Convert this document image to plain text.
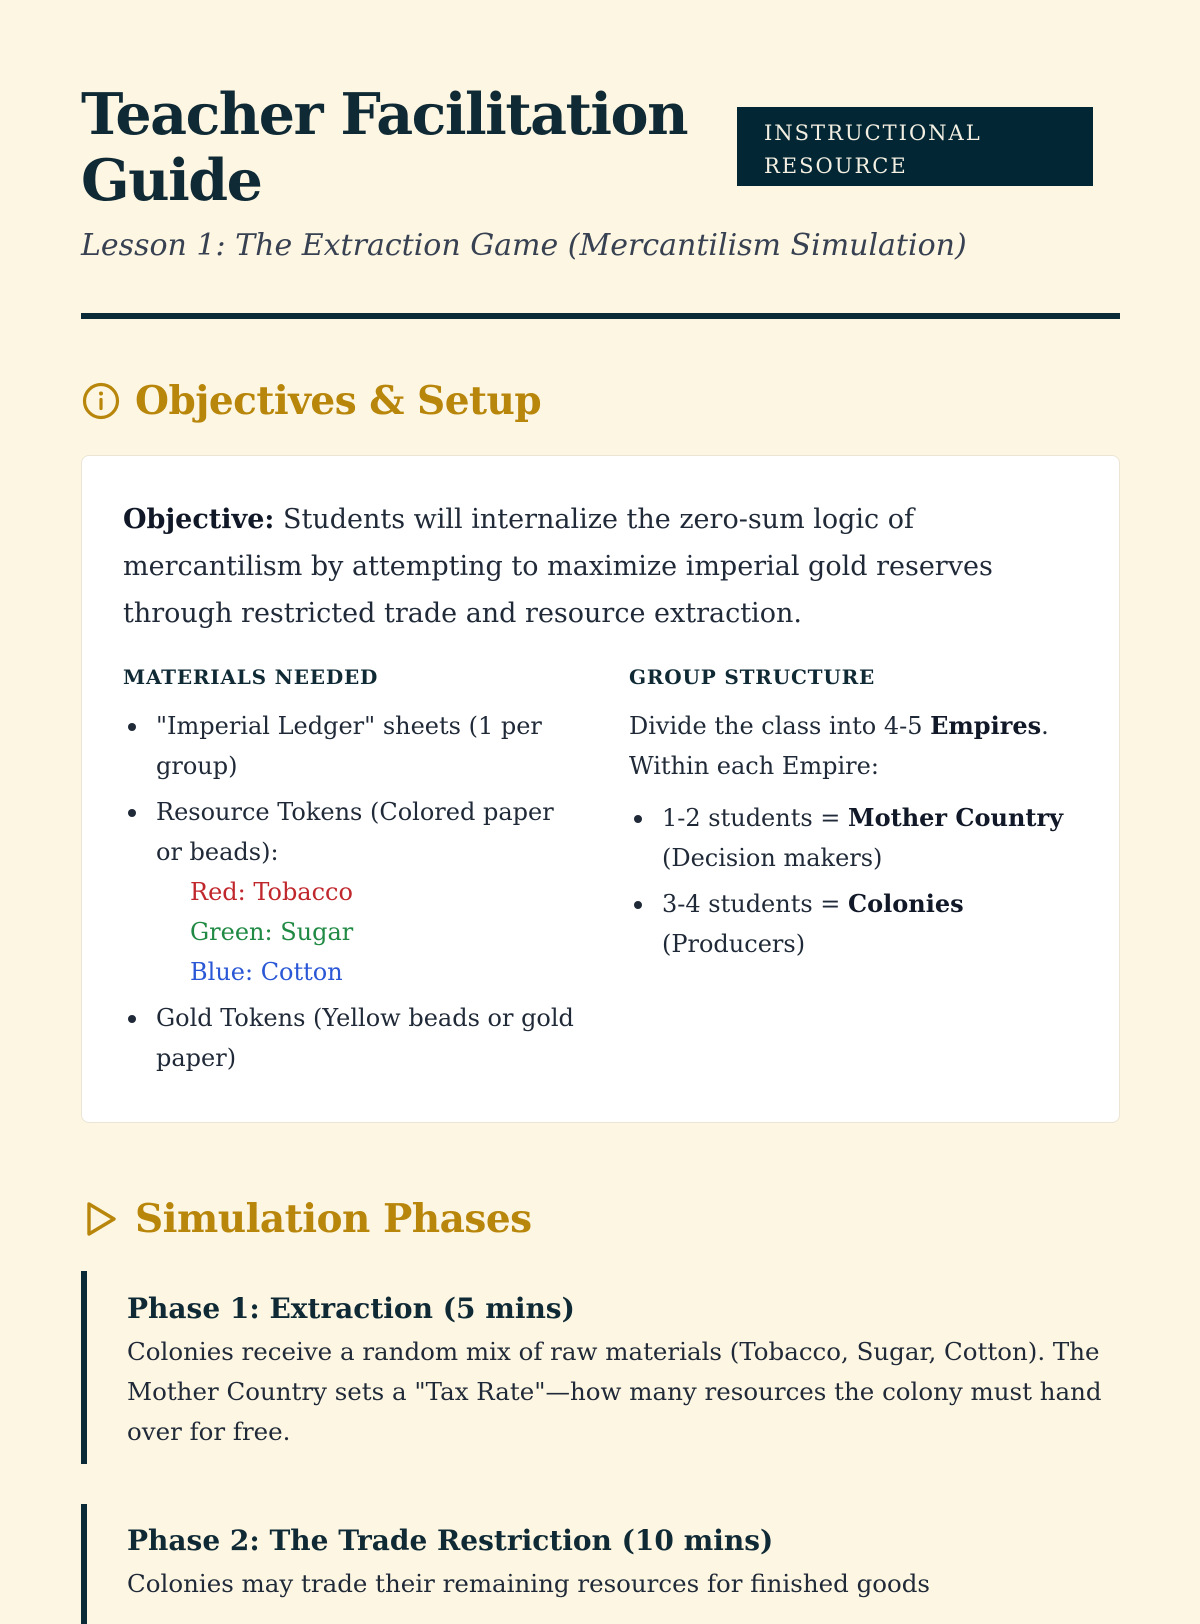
Teacher Facilitation Guide
INSTRUCTIONAL RESOURCE

Lesson 1: The Extraction Game (Mercantilism Simulation)

Objectives & Setup

Objective: Students will internalize the zero-sum logic of mercantilism by attempting to maximize imperial gold reserves through restricted trade and resource extraction.

MATERIALS NEEDED
"Imperial Ledger" sheets (1 per group)
Resource Tokens (Colored paper or beads):
Red: Tobacco
Green: Sugar
Blue: Cotton
Gold Tokens (Yellow beads or gold paper)
GROUP STRUCTURE

Divide the class into 4-5 Empires. Within each Empire:

1-2 students = Mother Country (Decision makers)
3-4 students = Colonies (Producers)
Simulation Phases
Phase 1: Extraction (5 mins)

Colonies receive a random mix of raw materials (Tobacco, Sugar, Cotton). The Mother Country sets a "Tax Rate"—how many resources the colony must hand over for free.

Phase 2: The Trade Restriction (10 mins)

Colonies may trade their remaining resources for finished goods
